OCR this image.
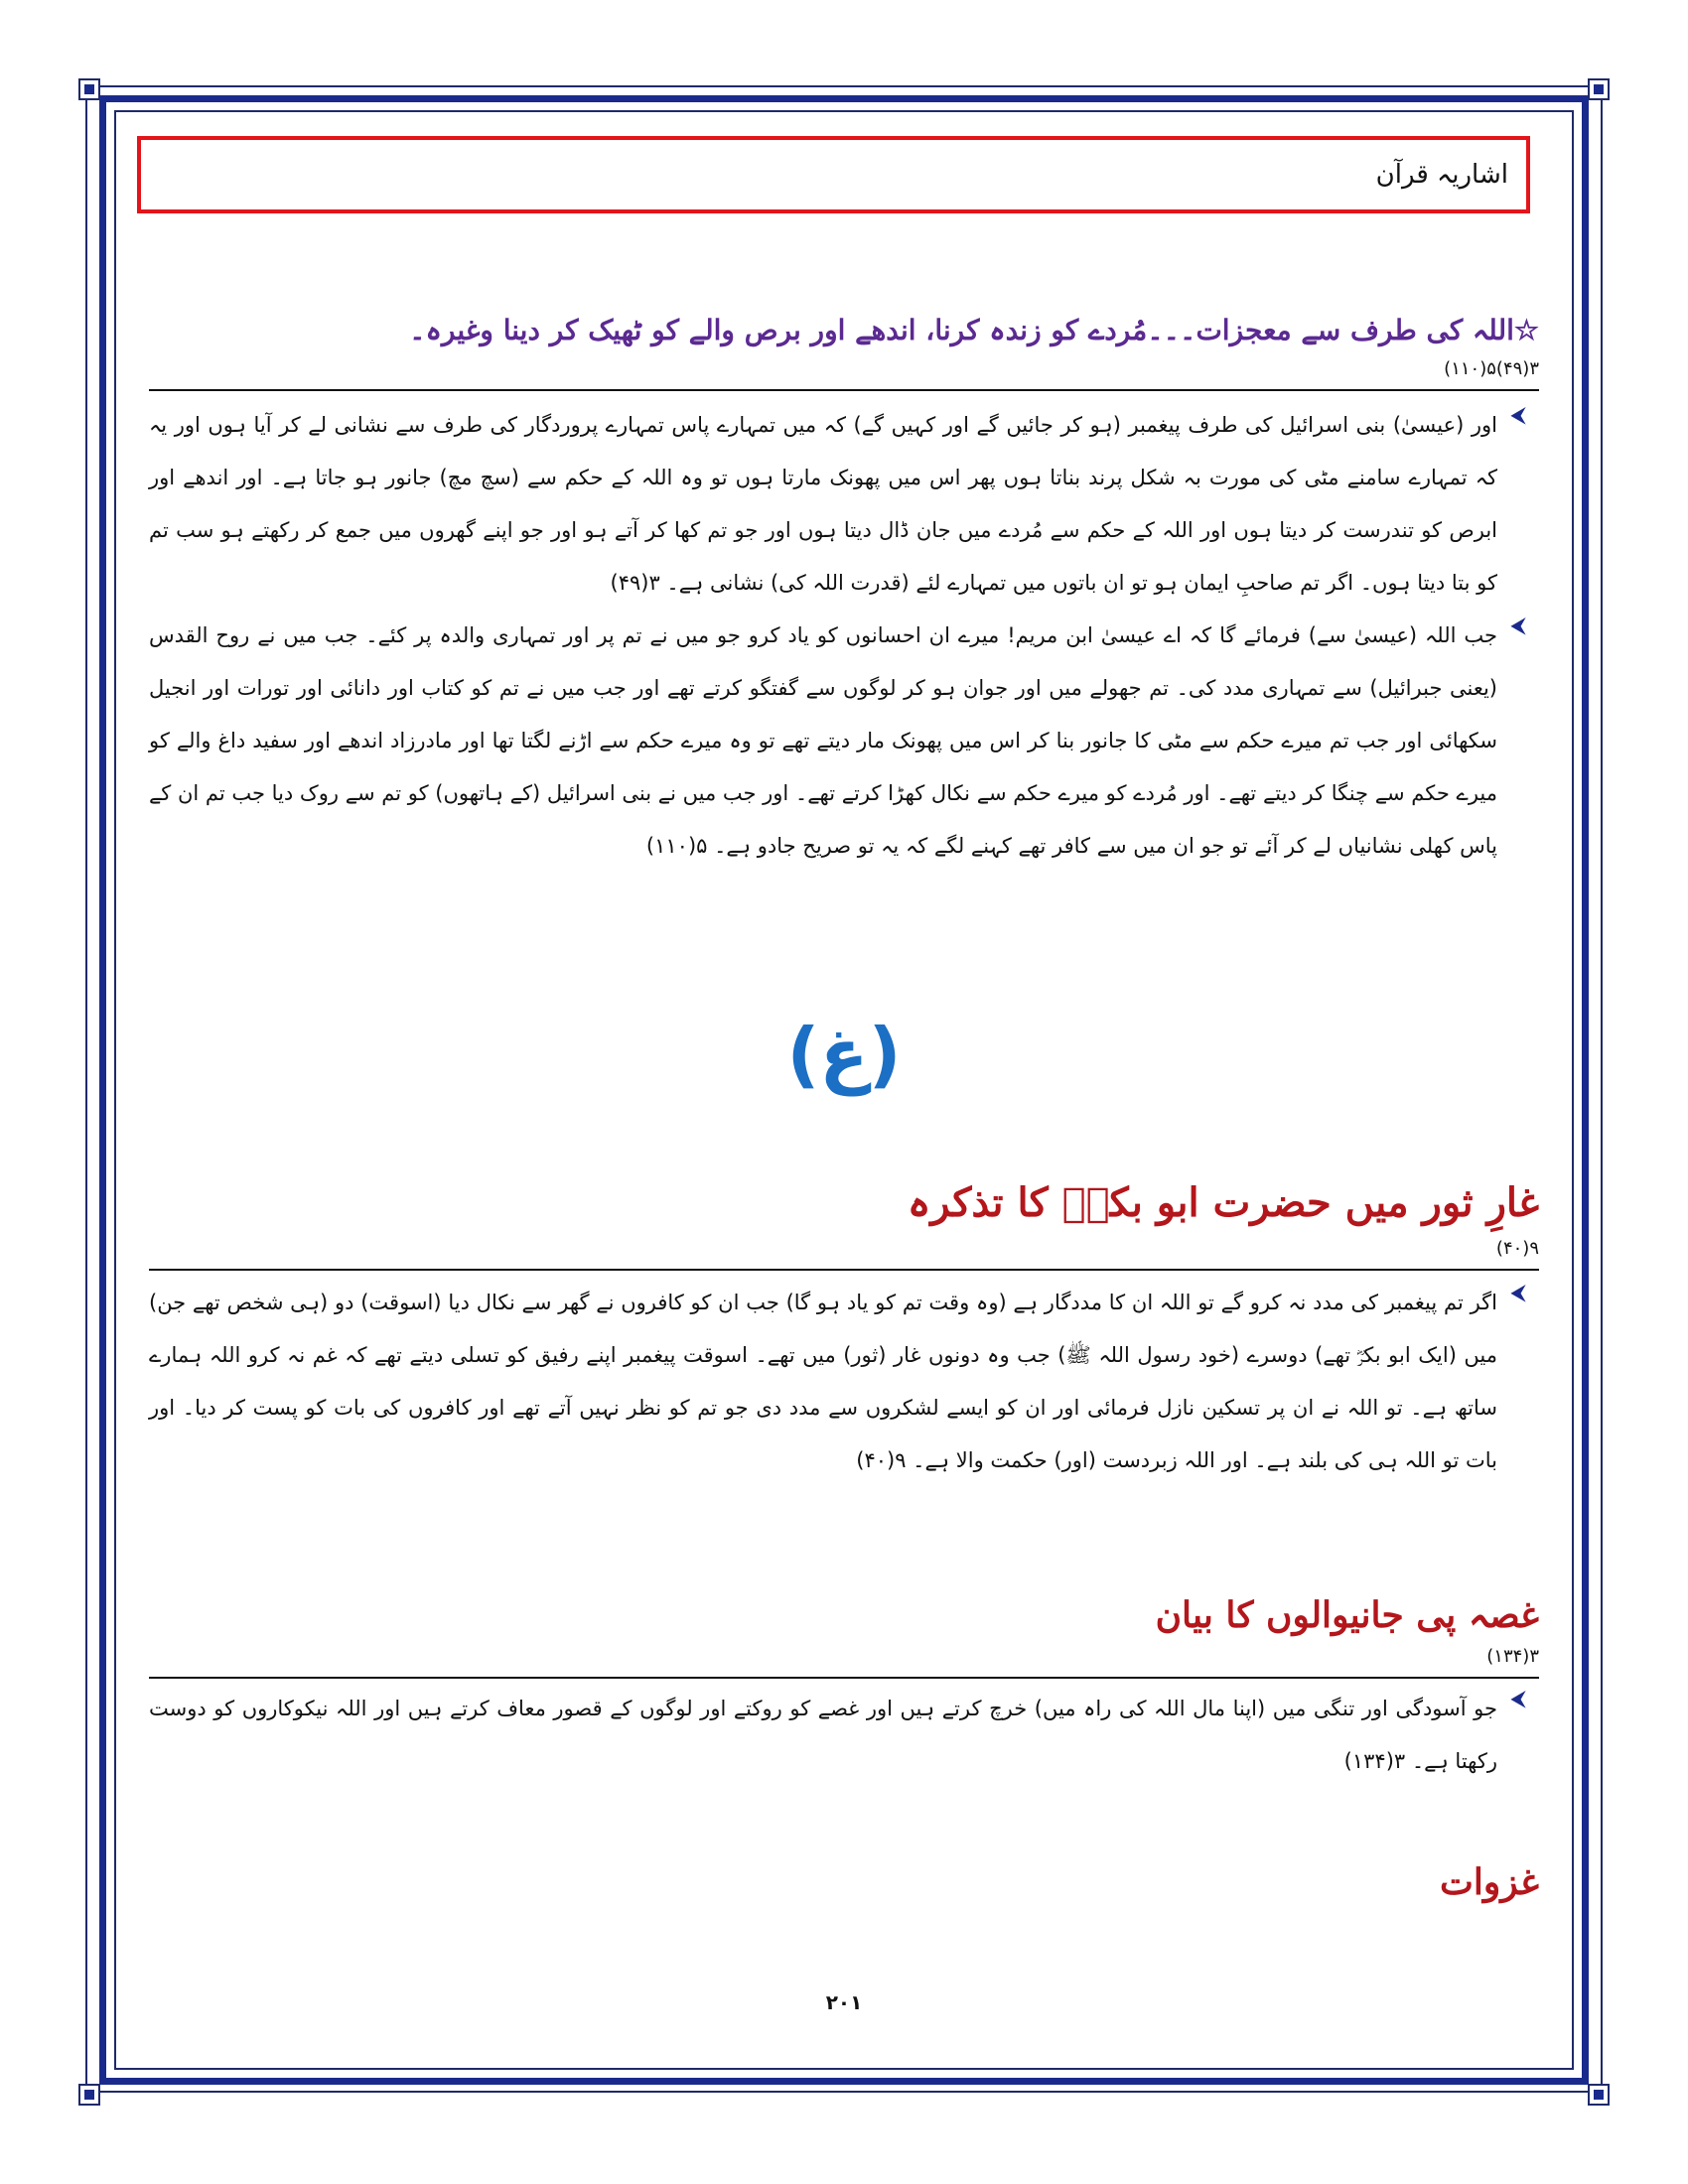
اشاریہ قرآن
☆اللہ کی طرف سے معجزات۔۔۔مُردے کو زندہ کرنا، اندھے اور برص والے کو ٹھیک کر دینا وغیرہ۔
۳(۴۹)۵(۱۱۰)
⮜
اور (عیسیٰ) بنی اسرائیل کی طرف پیغمبر (ہو کر جائیں گے اور کہیں گے) کہ میں تمہارے پاس تمہارے پروردگار کی طرف سے نشانی لے کر آیا ہوں اور یہ کہ تمہارے سامنے مٹی کی مورت بہ شکل پرند بناتا ہوں پھر اس میں پھونک مارتا ہوں تو وہ اللہ کے حکم سے (سچ مچ) جانور ہو جاتا ہے۔ اور اندھے اور ابرص کو تندرست کر دیتا ہوں اور اللہ کے حکم سے مُردے میں جان ڈال دیتا ہوں اور جو تم کھا کر آتے ہو اور جو اپنے گھروں میں جمع کر رکھتے ہو سب تم کو بتا دیتا ہوں۔ اگر تم صاحبِ ایمان ہو تو ان باتوں میں تمہارے لئے (قدرت اللہ کی) نشانی ہے۔ ۳(۴۹)
⮜
جب اللہ (عیسیٰ سے) فرمائے گا کہ اے عیسیٰ ابن مریم! میرے ان احسانوں کو یاد کرو جو میں نے تم پر اور تمہاری والدہ پر کئے۔ جب میں نے روح القدس (یعنی جبرائیل) سے تمہاری مدد کی۔ تم جھولے میں اور جوان ہو کر لوگوں سے گفتگو کرتے تھے اور جب میں نے تم کو کتاب اور دانائی اور تورات اور انجیل سکھائی اور جب تم میرے حکم سے مٹی کا جانور بنا کر اس میں پھونک مار دیتے تھے تو وہ میرے حکم سے اڑنے لگتا تھا اور مادرزاد اندھے اور سفید داغ والے کو میرے حکم سے چنگا کر دیتے تھے۔ اور مُردے کو میرے حکم سے نکال کھڑا کرتے تھے۔ اور جب میں نے بنی اسرائیل (کے ہاتھوں) کو تم سے روک دیا جب تم ان کے پاس کھلی نشانیاں لے کر آئے تو جو ان میں سے کافر تھے کہنے لگے کہ یہ تو صریح جادو ہے۔ ۵(۱۱۰)
(غ)
غارِ ثور میں حضرت ابو بکرؓ کا تذکرہ
۹(۴۰)
⮜
اگر تم پیغمبر کی مدد نہ کرو گے تو اللہ ان کا مددگار ہے (وہ وقت تم کو یاد ہو گا) جب ان کو کافروں نے گھر سے نکال دیا (اسوقت) دو (ہی شخص تھے جن) میں (ایک ابو بکرؓ تھے) دوسرے (خود رسول اللہ ﷺ) جب وہ دونوں غار (ثور) میں تھے۔ اسوقت پیغمبر اپنے رفیق کو تسلی دیتے تھے کہ غم نہ کرو اللہ ہمارے ساتھ ہے۔ تو اللہ نے ان پر تسکین نازل فرمائی اور ان کو ایسے لشکروں سے مدد دی جو تم کو نظر نہیں آتے تھے اور کافروں کی بات کو پست کر دیا۔ اور بات تو اللہ ہی کی بلند ہے۔ اور اللہ زبردست (اور) حکمت والا ہے۔ ۹(۴۰)
غصہ پی جانیوالوں کا بیان
۳(۱۳۴)
⮜
جو آسودگی اور تنگی میں (اپنا مال اللہ کی راہ میں) خرچ کرتے ہیں اور غصے کو روکتے اور لوگوں کے قصور معاف کرتے ہیں اور اللہ نیکوکاروں کو دوست رکھتا ہے۔ ۳(۱۳۴)
غزوات
۲۰۱
